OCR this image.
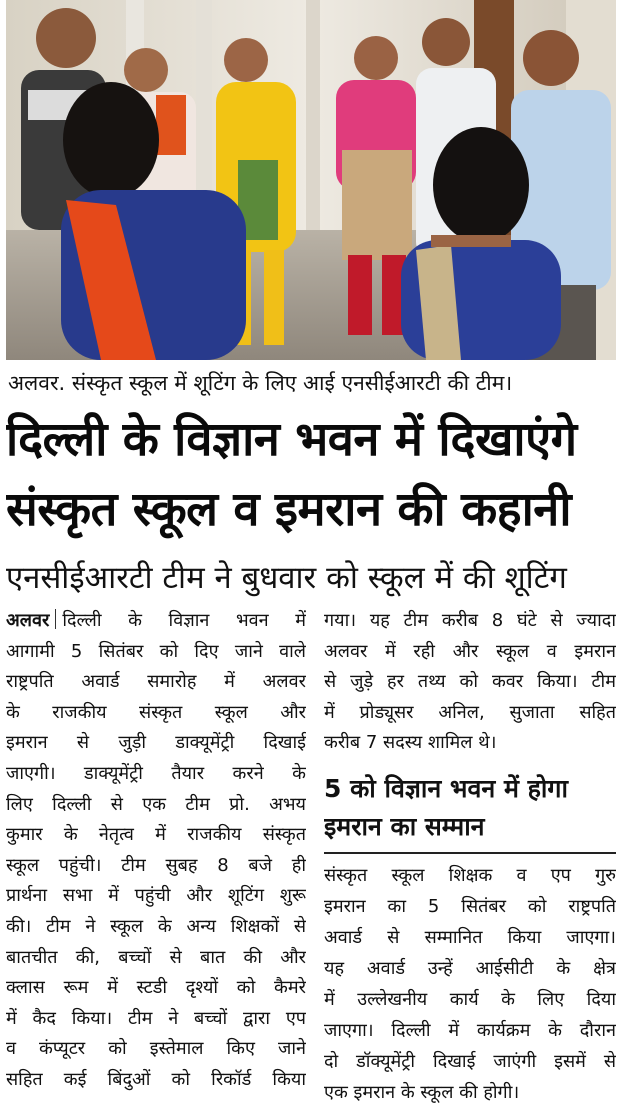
अलवर. संस्कृत स्कूल में शूटिंग के लिए आई एनसीईआरटी की टीम।
दिल्ली के विज्ञान भवन में दिखाएंगे
संस्कृत स्कूल व इमरान की कहानी
एनसीईआरटी टीम ने बुधवार को स्कूल में की शूटिंग
अलवर दिल्ली के विज्ञान भवन में
आगामी 5 सितंबर को दिए जाने वाले
राष्ट्रपति अवार्ड समारोह में अलवर
के राजकीय संस्कृत स्कूल और
इमरान से जुड़ी डाक्यूमेंट्री दिखाई
जाएगी। डाक्यूमेंट्री तैयार करने के
लिए दिल्ली से एक टीम प्रो. अभय
कुमार के नेतृत्व में राजकीय संस्कृत
स्कूल पहुंची। टीम सुबह 8 बजे ही
प्रार्थना सभा में पहुंची और शूटिंग शुरू
की। टीम ने स्कूल के अन्य शिक्षकों से
बातचीत की, बच्चों से बात की और
क्लास रूम में स्टडी दृश्यों को कैमरे
में कैद किया। टीम ने बच्चों द्वारा एप
व कंप्यूटर को इस्तेमाल किए जाने
सहित कई बिंदुओं को रिकॉर्ड किया
गया। यह टीम करीब 8 घंटे से ज्यादा
अलवर में रही और स्कूल व इमरान
से जुड़े हर तथ्य को कवर किया। टीम
में प्रोड्यूसर अनिल, सुजाता सहित
करीब 7 सदस्य शामिल थे।
5 को विज्ञान भवन में होगा
इमरान का सम्मान
संस्कृत स्कूल शिक्षक व एप गुरु
इमरान का 5 सितंबर को राष्ट्रपति
अवार्ड से सम्मानित किया जाएगा।
यह अवार्ड उन्हें आईसीटी के क्षेत्र
में उल्लेखनीय कार्य के लिए दिया
जाएगा। दिल्ली में कार्यक्रम के दौरान
दो डॉक्यूमेंट्री दिखाई जाएंगी इसमें से
एक इमरान के स्कूल की होगी।
